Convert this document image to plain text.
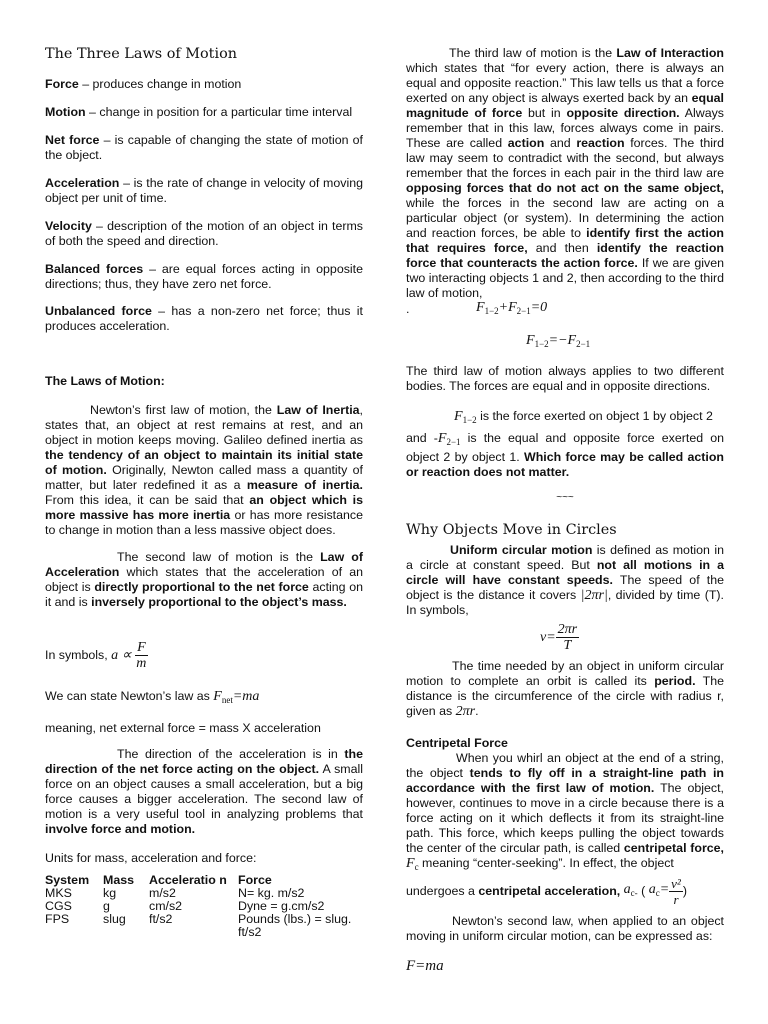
The Three Laws of Motion

Force – produces change in motion

Motion – change in position for a particular time interval

Net force – is capable of changing the state of motion of the object.

Acceleration – is the rate of change in velocity of moving object per unit of time.

Velocity – description of the motion of an object in terms of both the speed and direction.

Balanced forces – are equal forces acting in opposite directions; thus, they have zero net force.

Unbalanced force – has a non-zero net force; thus it produces acceleration.

The Laws of Motion:

Newton’s first law of motion, the Law of Inertia, states that, an object at rest remains at rest, and an object in motion keeps moving. Galileo defined inertia as the tendency of an object to maintain its initial state of motion. Originally, Newton called mass a quantity of matter, but later redefined it as a measure of inertia. From this idea, it can be said that an object which is more massive has more inertia or has more resistance to change in motion than a less massive object does.

The second law of motion is the Law of Acceleration which states that the acceleration of an object is directly proportional to the net force acting on it and is inversely proportional to the object’s mass.

In symbols, $a \propto \frac{F}{m}$

We can state Newton’s law as $F_{net}=ma$

meaning, net external force = mass X acceleration

The direction of the acceleration is in the direction of the net force acting on the object. A small force on an object causes a small acceleration, but a big force causes a bigger acceleration. The second law of motion is a very useful tool in analyzing problems that involve force and motion.

Units for mass, acceleration and force:

System	Mass	Acceleratio n	Force
MKS	kg	m/s2	N= kg. m/s2
CGS	g	cm/s2	Dyne = g.cm/s2
FPS	slug	ft/s2	Pounds (lbs.) = slug. ft/s2

The third law of motion is the Law of Interaction which states that “for every action, there is always an equal and opposite reaction.” This law tells us that a force exerted on any object is always exerted back by an equal magnitude of force but in opposite direction. Always remember that in this law, forces always come in pairs. These are called action and reaction forces. The third law may seem to contradict with the second, but always remember that the forces in each pair in the third law are opposing forces that do not act on the same object, while the forces in the second law are acting on a particular object (or system). In determining the action and reaction forces, be able to identify first the action that requires force, and then identify the reaction force that counteracts the action force. If we are given two interacting objects 1 and 2, then according to the third law of motion,

.	$F_{1-2}+F_{2-1}=0$
$F_{1-2}=-F_{2-1}$

The third law of motion always applies to two different bodies. The forces are equal and in opposite directions.

$F_{1-2}$ is the force exerted on object 1 by object 2

and $-F_{2-1}$ is the equal and opposite force exerted on object 2 by object 1. Which force may be called action or reaction does not matter.

~~~

Why Objects Move in Circles

Uniform circular motion is defined as motion in a circle at constant speed. But not all motions in a circle will have constant speeds. The speed of the object is the distance it covers |2πr|, divided by time (T). In symbols,

$v= \frac{2\pi r}{T}$

The time needed by an object in uniform circular motion to complete an orbit is called its period. The distance is the circumference of the circle with radius r, given as 2πr.

Centripetal Force

When you whirl an object at the end of a string, the object tends to fly off in a straight-line path in accordance with the first law of motion. The object, however, continues to move in a circle because there is a force acting on it which deflects it from its straight-line path. This force, which keeps pulling the object towards the center of the circular path, is called centripetal force, $F_c$ meaning “center-seeking”. In effect, the object

undergoes a centripetal acceleration, $a_{c-}$ ( $a_c= \frac{\text{v²}}{r}$ )

Newton’s second law, when applied to an object moving in uniform circular motion, can be expressed as:

F=ma
